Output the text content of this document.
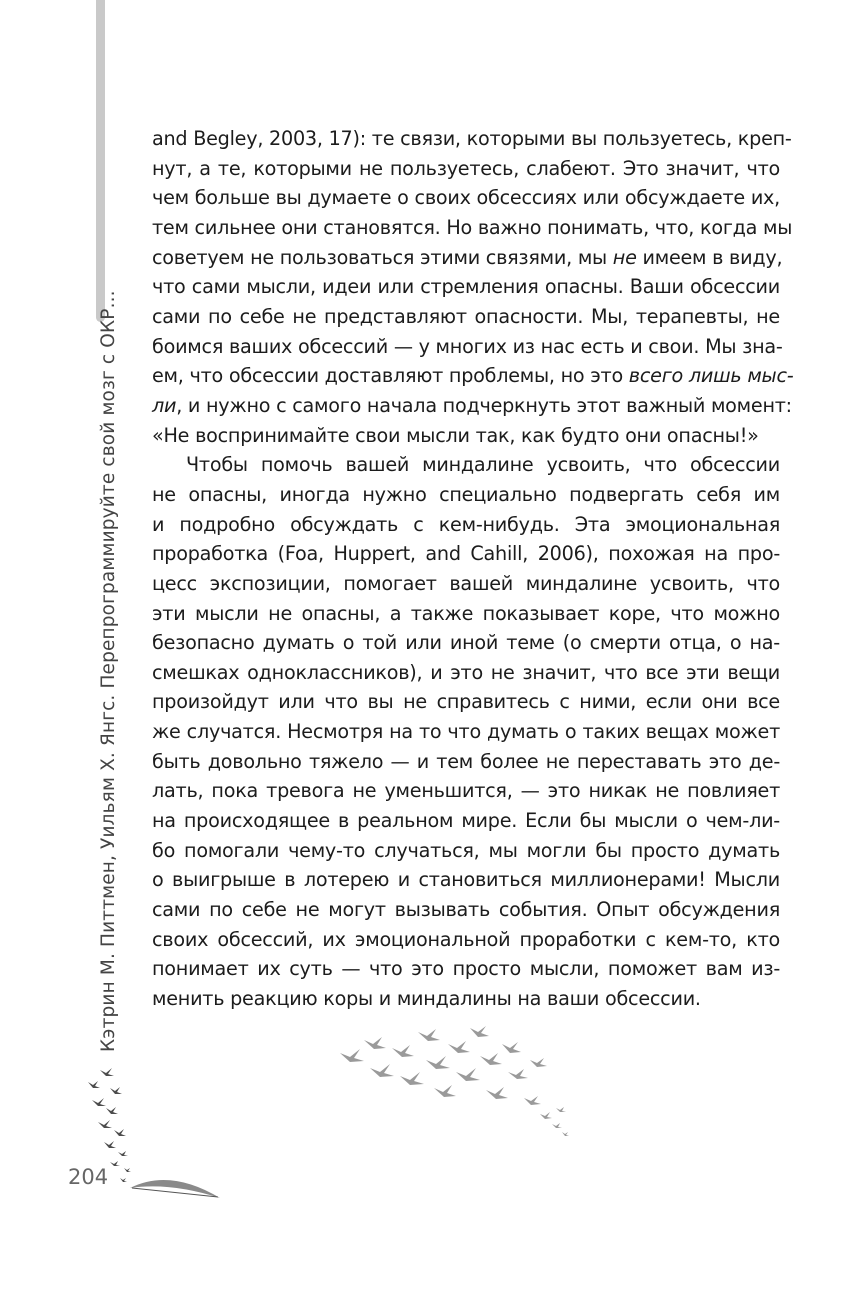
Кэтрин М. Питтмен, Уильям Х. Янгс. Перепрограммируйте свой мозг с ОКР...
204
and Begley, 2003, 17): те связи, которыми вы пользуетесь, креп-
нут, а те, которыми не пользуетесь, слабеют. Это значит, что
чем больше вы думаете о своих обсессиях или обсуждаете их,
тем сильнее они становятся. Но важно понимать, что, когда мы
советуем не пользоваться этими связями, мы не имеем в виду,
что сами мысли, идеи или стремления опасны. Ваши обсессии
сами по себе не представляют опасности. Мы, терапевты, не
боимся ваших обсессий — у многих из нас есть и свои. Мы зна-
ем, что обсессии доставляют проблемы, но это всего лишь мыс-
ли, и нужно с самого начала подчеркнуть этот важный момент:
«Не воспринимайте свои мысли так, как будто они опасны!»
Чтобы помочь вашей миндалине усвоить, что обсессии
не опасны, иногда нужно специально подвергать себя им
и подробно обсуждать с кем-нибудь. Эта эмоциональная
проработка (Foa, Huppert, and Cahill, 2006), похожая на про-
цесс экспозиции, помогает вашей миндалине усвоить, что
эти мысли не опасны, а также показывает коре, что можно
безопасно думать о той или иной теме (о смерти отца, о на-
смешках одноклассников), и это не значит, что все эти вещи
произойдут или что вы не справитесь с ними, если они все
же случатся. Несмотря на то что думать о таких вещах может
быть довольно тяжело — и тем более не переставать это де-
лать, пока тревога не уменьшится, — это никак не повлияет
на происходящее в реальном мире. Если бы мысли о чем-ли-
бо помогали чему-то случаться, мы могли бы просто думать
о выигрыше в лотерею и становиться миллионерами! Мысли
сами по себе не могут вызывать события. Опыт обсуждения
своих обсессий, их эмоциональной проработки с кем-то, кто
понимает их суть — что это просто мысли, поможет вам из-
менить реакцию коры и миндалины на ваши обсессии.
